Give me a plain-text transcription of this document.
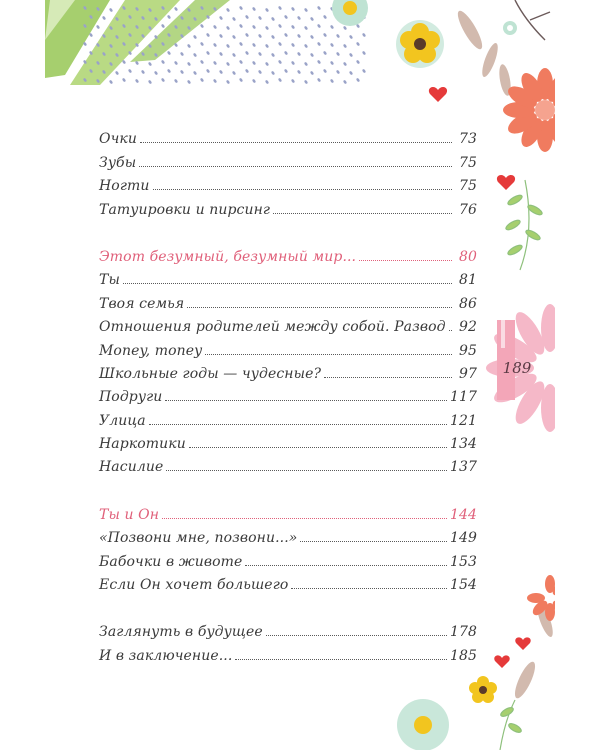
Очки	73
Зубы	75
Ногти	75
Татуировки и пирсинг	76
Этот безумный, безумный мир...	80
Ты	81
Твоя семья	86
Отношения родителей между собой. Развод 92
Money, money	95
Школьные годы — чудесные?	97
Подруги	117
Улица	121
Наркотики	134
Насилие	137
Ты и Он	144
«Позвони мне, позвони...»	149
Бабочки в животе	153
Если Он хочет большего	154
Заглянуть в будущее	178
И в заключение...	185
189
